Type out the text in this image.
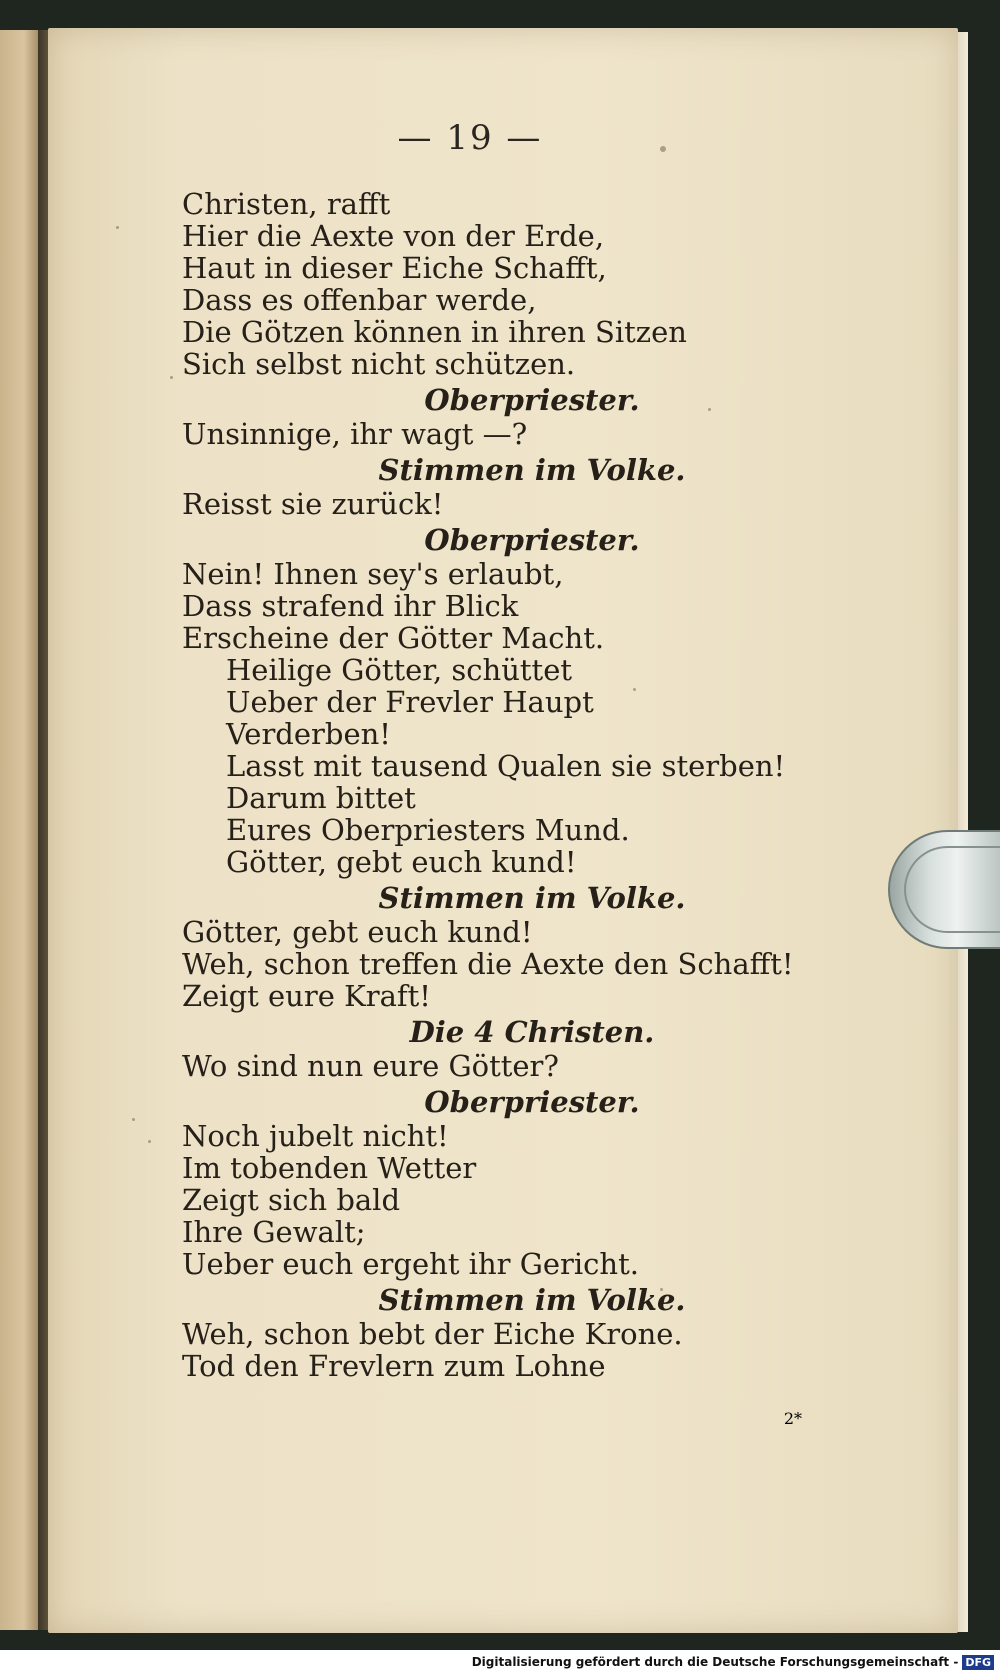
— 19 —
Christen, rafft
Hier die Aexte von der Erde,
Haut in dieser Eiche Schafft,
Dass es offenbar werde,
Die Götzen können in ihren Sitzen
Sich selbst nicht schützen.
Oberpriester.
Unsinnige, ihr wagt —?
Stimmen im Volke.
Reisst sie zurück!
Oberpriester.
Nein! Ihnen sey's erlaubt,
Dass strafend ihr Blick
Erscheine der Götter Macht.
Heilige Götter, schüttet
Ueber der Frevler Haupt
Verderben!
Lasst mit tausend Qualen sie sterben!
Darum bittet
Eures Oberpriesters Mund.
Götter, gebt euch kund!
Stimmen im Volke.
Götter, gebt euch kund!
Weh, schon treffen die Aexte den Schafft!
Zeigt eure Kraft!
Die 4 Christen.
Wo sind nun eure Götter?
Oberpriester.
Noch jubelt nicht!
Im tobenden Wetter
Zeigt sich bald
Ihre Gewalt;
Ueber euch ergeht ihr Gericht.
Stimmen im Volke.
Weh, schon bebt der Eiche Krone.
Tod den Frevlern zum Lohne
2*
Digitalisierung gefördert durch die Deutsche Forschungsgemeinschaft - DFG
